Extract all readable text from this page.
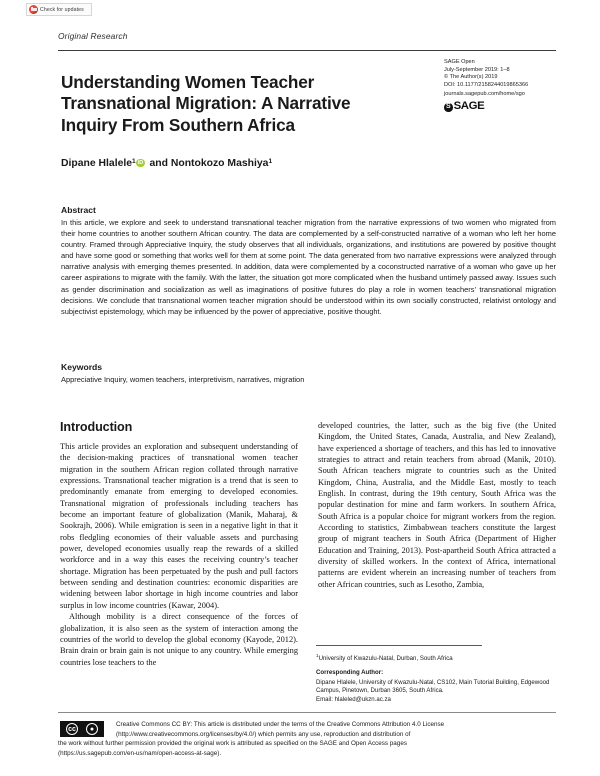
Check for updates
Original Research
Understanding Women Teacher Transnational Migration: A Narrative Inquiry From Southern Africa
SAGE Open
July-September 2019: 1–8
© The Author(s) 2019
DOI: 10.1177/2158244019865366
journals.sagepub.com/home/sgo
S
SAGE
Dipane Hlalele 1 iD
and
Nontokozo Mashiya 1
Abstract

In this article, we explore and seek to understand transnational teacher migration from the narrative expressions of two women who migrated from their home countries to another southern African country. The data are complemented by a self-constructed narrative of a woman who left her home country. Framed through Appreciative Inquiry, the study observes that all individuals, organizations, and institutions are powered by positive thought and have some good or something that works well for them at some point. The data generated from two narrative expressions were analyzed through narrative analysis with emerging themes presented. In addition, data were complemented by a coconstructed narrative of a woman who gave up her career aspirations to migrate with the family. With the latter, the situation got more complicated when the husband untimely passed away. Issues such as gender discrimination and socialization as well as imaginations of positive futures do play a role in women teachers’ transnational migration decisions. We conclude that transnational women teacher migration should be understood within its own socially constructed, relativist ontology and subjectivist epistemology, which may be influenced by the power of appreciative, positive thought.

Keywords

Appreciative Inquiry, women teachers, interpretivism, narratives, migration

Introduction

This article provides an exploration and subsequent understanding of the decision-making practices of transnational women teacher migration in the southern African region collated through narrative expressions. Transnational teacher migration is a trend that is seen to predominantly emanate from emerging to developed economies. Transnational migration of professionals including teachers has become an important feature of globalization (Manik, Maharaj, & Sookrajh, 2006). While emigration is seen in a negative light in that it robs fledgling economies of their valuable assets and purchasing power, developed economies usually reap the rewards of a skilled workforce and in a way this eases the receiving country’s teacher shortage. Migration has been perpetuated by the push and pull factors between sending and destination countries: economic disparities are widening between labor shortage in high income countries and labor surplus in low income countries (Kawar, 2004).

Although mobility is a direct consequence of the forces of globalization, it is also seen as the system of interaction among the countries of the world to develop the global economy (Kayode, 2012). Brain drain or brain gain is not unique to any country. While emerging countries lose teachers to the

developed countries, the latter, such as the big five (the United Kingdom, the United States, Canada, Australia, and New Zealand), have experienced a shortage of teachers, and this has led to innovative strategies to attract and retain teachers from abroad (Manik, 2010). South African teachers migrate to countries such as the United Kingdom, China, Australia, and the Middle East, mostly to teach English. In contrast, during the 19th century, South Africa was the popular destination for mine and farm workers. In southern Africa, South Africa is a popular choice for migrant workers from the region. According to statistics, Zimbabwean teachers constitute the largest group of migrant teachers in South Africa (Department of Higher Education and Training, 2013). Post-apartheid South Africa attracted a diversity of skilled workers. In the context of Africa, international patterns are evident wherein an increasing number of teachers from other African countries, such as Lesotho, Zambia,

$^1$University of Kwazulu-Natal, Durban, South Africa
Corresponding Author:
Dipane Hlalele, University of Kwazulu-Natal, CS102, Main Tutorial Building, Edgewood Campus, Pinetown, Durban 3605, South Africa.
Email: hlaleled@ukzn.ac.za
cc	●
Creative Commons CC BY: This article is distributed under the terms of the Creative Commons Attribution 4.0 License
(http://www.creativecommons.org/licenses/by/4.0/) which permits any use, reproduction and distribution of
the work without further permission provided the original work is attributed as specified on the SAGE and Open Access pages
(https://us.sagepub.com/en-us/nam/open-access-at-sage).
